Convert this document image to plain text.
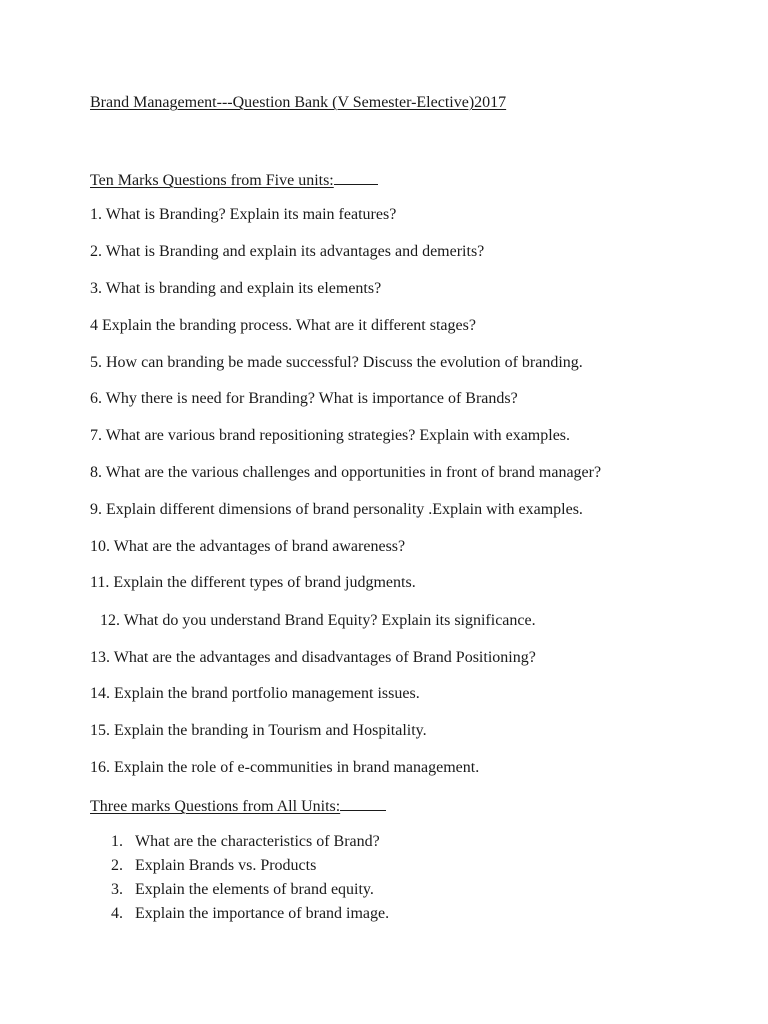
Brand Management---Question Bank (V Semester-Elective)2017
Ten Marks Questions from Five units:
1. What is Branding? Explain its main features?
2. What is Branding and explain its advantages and demerits?
3. What is branding and explain its elements?
4 Explain the branding process. What are it different stages?
5. How can branding be made successful? Discuss the evolution of branding.
6. Why there is need for Branding? What is importance of Brands?
7. What are various brand repositioning strategies? Explain with examples.
8. What are the various challenges and opportunities in front of brand manager?
9. Explain different dimensions of brand personality .Explain with examples.
10. What are the advantages of brand awareness?
11. Explain the different types of brand judgments.
12. What do you understand Brand Equity? Explain its significance.
13. What are the advantages and disadvantages of Brand Positioning?
14. Explain the brand portfolio management issues.
15. Explain the branding in Tourism and Hospitality.
16. Explain the role of e-communities in brand management.
Three marks Questions from All Units:
1. What are the characteristics of Brand?
2. Explain Brands vs. Products
3. Explain the elements of brand equity.
4. Explain the importance of brand image.
